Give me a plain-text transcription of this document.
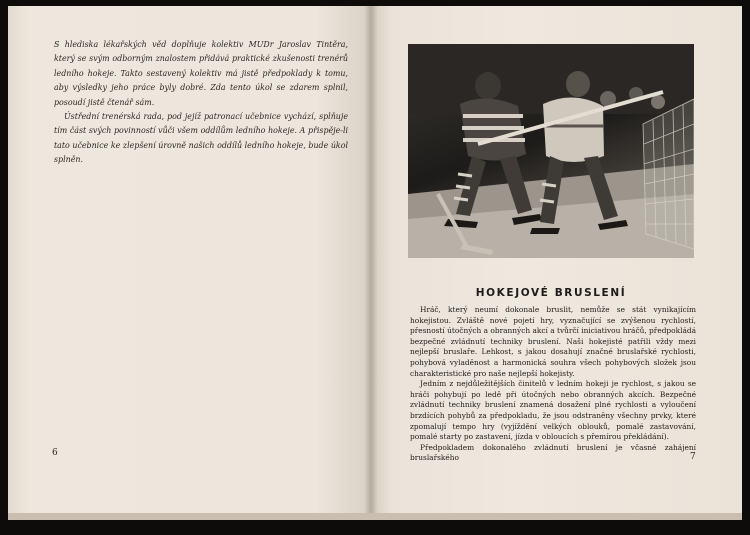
S hlediska lékařských věd doplňuje kolektiv MUDr Jaroslav Tintěra, který se svým odborným znalostem přidává praktické zkušenosti trenérů ledního hokeje. Takto sestavený kolektiv má jistě předpoklady k tomu, aby výsledky jeho práce byly dobré. Zda tento úkol se zdarem splnil, posoudí jistě čtenář sám.

Ústřední trenérská rada, pod jejíž patronací učebnice vychází, splňuje tím část svých povinností vůči všem oddílům ledního hokeje. A přispěje-li tato učebnice ke zlepšení úrovně našich oddílů ledního hokeje, bude úkol splněn.

6
HOKEJOVÉ BRUSLENÍ

Hráč, který neumí dokonale bruslit, nemůže se stát vynikajícím hokejistou. Zvláště nové pojetí hry, vyznačující se zvýšenou rychlostí, přesností útočných a obranných akcí a tvůrčí iniciativou hráčů, předpokládá bezpečné zvládnutí techniky bruslení. Naši hokejisté patřili vždy mezi nejlepší bruslaře. Lehkost, s jakou dosahují značné bruslařské rychlosti, pohybová vyladěnost a harmonická souhra všech pohybových složek jsou charakteristické pro naše nejlepší hokejisty.

Jedním z nejdůležitějších činitelů v ledním hokeji je rychlost, s jakou se hráči pohybují po ledě při útočných nebo obranných akcích. Bezpečné zvládnutí techniky bruslení znamená dosažení plné rychlosti a vyloučení brzdících pohybů za předpokladu, že jsou odstraněny všechny prvky, které zpomalují tempo hry (vyjíždění velkých oblouků, pomalé zastavování, pomalé starty po zastavení, jízda v obloucích s přemírou překládání).

Předpokladem dokonalého zvládnutí bruslení je včasné zahájení bruslařského	7
